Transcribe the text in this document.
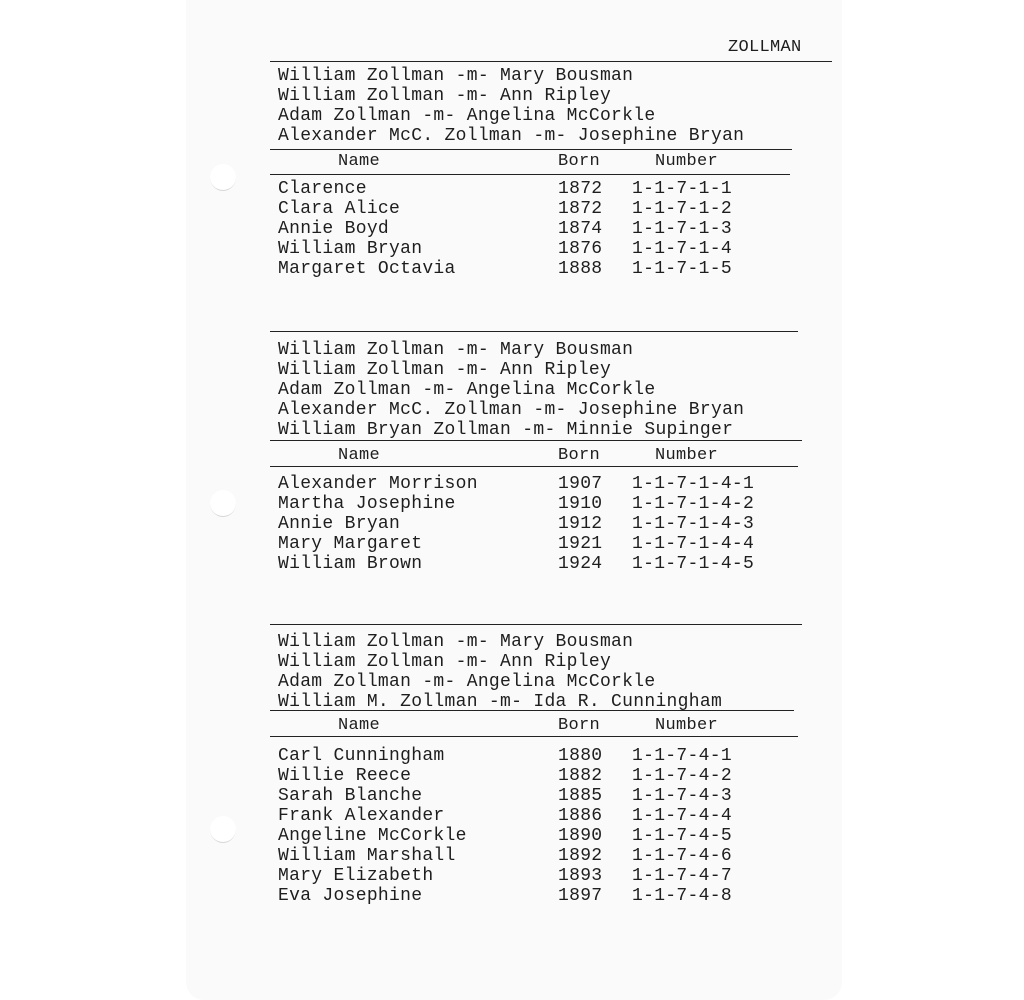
ZOLLMAN
William Zollman -m- Mary Bousman
William Zollman -m- Ann Ripley
Adam Zollman -m- Angelina McCorkle
Alexander McC. Zollman -m- Josephine Bryan
Name	Born	Number
Clarence	1872 1-1-7-1-1
Clara Alice	1872 1-1-7-1-2
Annie Boyd	1874 1-1-7-1-3
William Bryan	1876 1-1-7-1-4
Margaret Octavia	1888 1-1-7-1-5
William Zollman -m- Mary Bousman
William Zollman -m- Ann Ripley
Adam Zollman -m- Angelina McCorkle
Alexander McC. Zollman -m- Josephine Bryan
William Bryan Zollman -m- Minnie Supinger
Name	Born	Number
Alexander Morrison	1907 1-1-7-1-4-1
Martha Josephine	1910 1-1-7-1-4-2
Annie Bryan	1912 1-1-7-1-4-3
Mary Margaret	1921 1-1-7-1-4-4
William Brown	1924 1-1-7-1-4-5
William Zollman -m- Mary Bousman
William Zollman -m- Ann Ripley
Adam Zollman -m- Angelina McCorkle
William M. Zollman -m- Ida R. Cunningham
Name	Born	Number
Carl Cunningham	1880 1-1-7-4-1
Willie Reece	1882 1-1-7-4-2
Sarah Blanche	1885 1-1-7-4-3
Frank Alexander	1886 1-1-7-4-4
Angeline McCorkle	1890 1-1-7-4-5
William Marshall	1892 1-1-7-4-6
Mary Elizabeth	1893 1-1-7-4-7
Eva Josephine	1897 1-1-7-4-8
